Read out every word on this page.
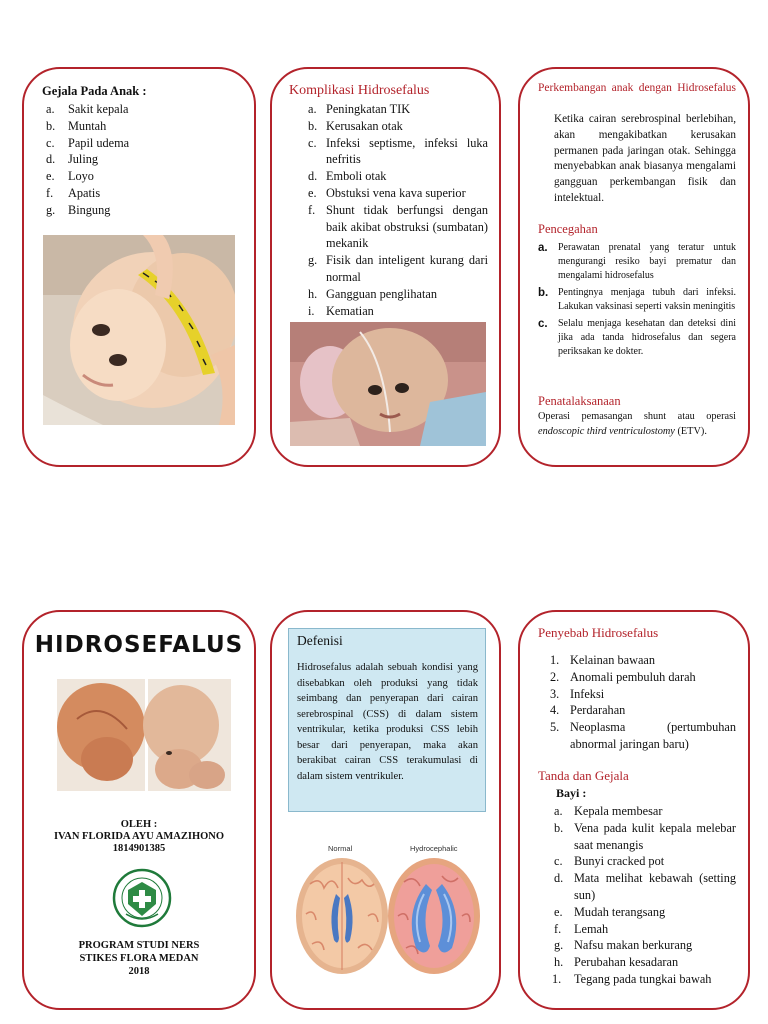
Gejala Pada Anak :
a.	Sakit kepala
b.	Muntah
c.	Papil udema
d.	Juling
e.	Loyo
f.	Apatis
g.	Bingung
Komplikasi Hidrosefalus
a. Peningkatan TIK
b. Kerusakan otak
c. Infeksi septisme, infeksi luka nefritis
d. Emboli otak
e. Obstuksi vena kava superior
f. Shunt tidak berfungsi dengan baik akibat obstruksi (sumbatan) mekanik
g. Fisik dan inteligent kurang dari normal
h. Gangguan penglihatan
i. Kematian
Perkembangan anak dengan Hidrosefalus
Ketika cairan serebrospinal berlebihan, akan mengakibatkan kerusakan permanen pada jaringan otak. Sehingga menyebabkan anak biasanya mengalami gangguan perkembangan fisik dan intelektual.
Pencegahan
a.	Perawatan prenatal yang teratur untuk mengurangi resiko bayi prematur dan mengalami hidrosefalus
b. Pentingnya menjaga tubuh dari infeksi. Lakukan vaksinasi seperti vaksin meningitis
c.	Selalu menjaga kesehatan dan deteksi dini jika ada tanda hidrosefalus dan segera periksakan ke dokter.
Penatalaksanaan
Operasi pemasangan shunt atau operasi endoscopic third ventriculostomy (ETV).
HIDROSEFALUS
OLEH :
IVAN FLORIDA AYU AMAZIHONO
1814901385
PROGRAM STUDI NERS
STIKES FLORA MEDAN
2018
Defenisi
Hidrosefalus adalah sebuah kondisi yang disebabkan oleh produksi yang tidak seimbang dan penyerapan dari cairan serebrospinal (CSS) di dalam sistem ventrikular, ketika produksi CSS lebih besar dari penyerapan, maka akan berakibat cairan CSS terakumulasi di dalam sistem ventrikuler.
Normal	Hydrocephalic
Penyebab Hidrosefalus
1. Kelainan bawaan
2. Anomali pembuluh darah
3. Infeksi
4. Perdarahan
5. Neoplasma (pertumbuhan abnormal jaringan baru)
Tanda dan Gejala
Bayi :
a. Kepala membesar
b. Vena pada kulit kepala melebar saat menangis
c. Bunyi cracked pot
d. Mata melihat kebawah (setting sun)
e. Mudah terangsang
f.	Lemah
g. Nafsu makan berkurang
h. Perubahan kesadaran
1.	Tegang pada tungkai bawah
